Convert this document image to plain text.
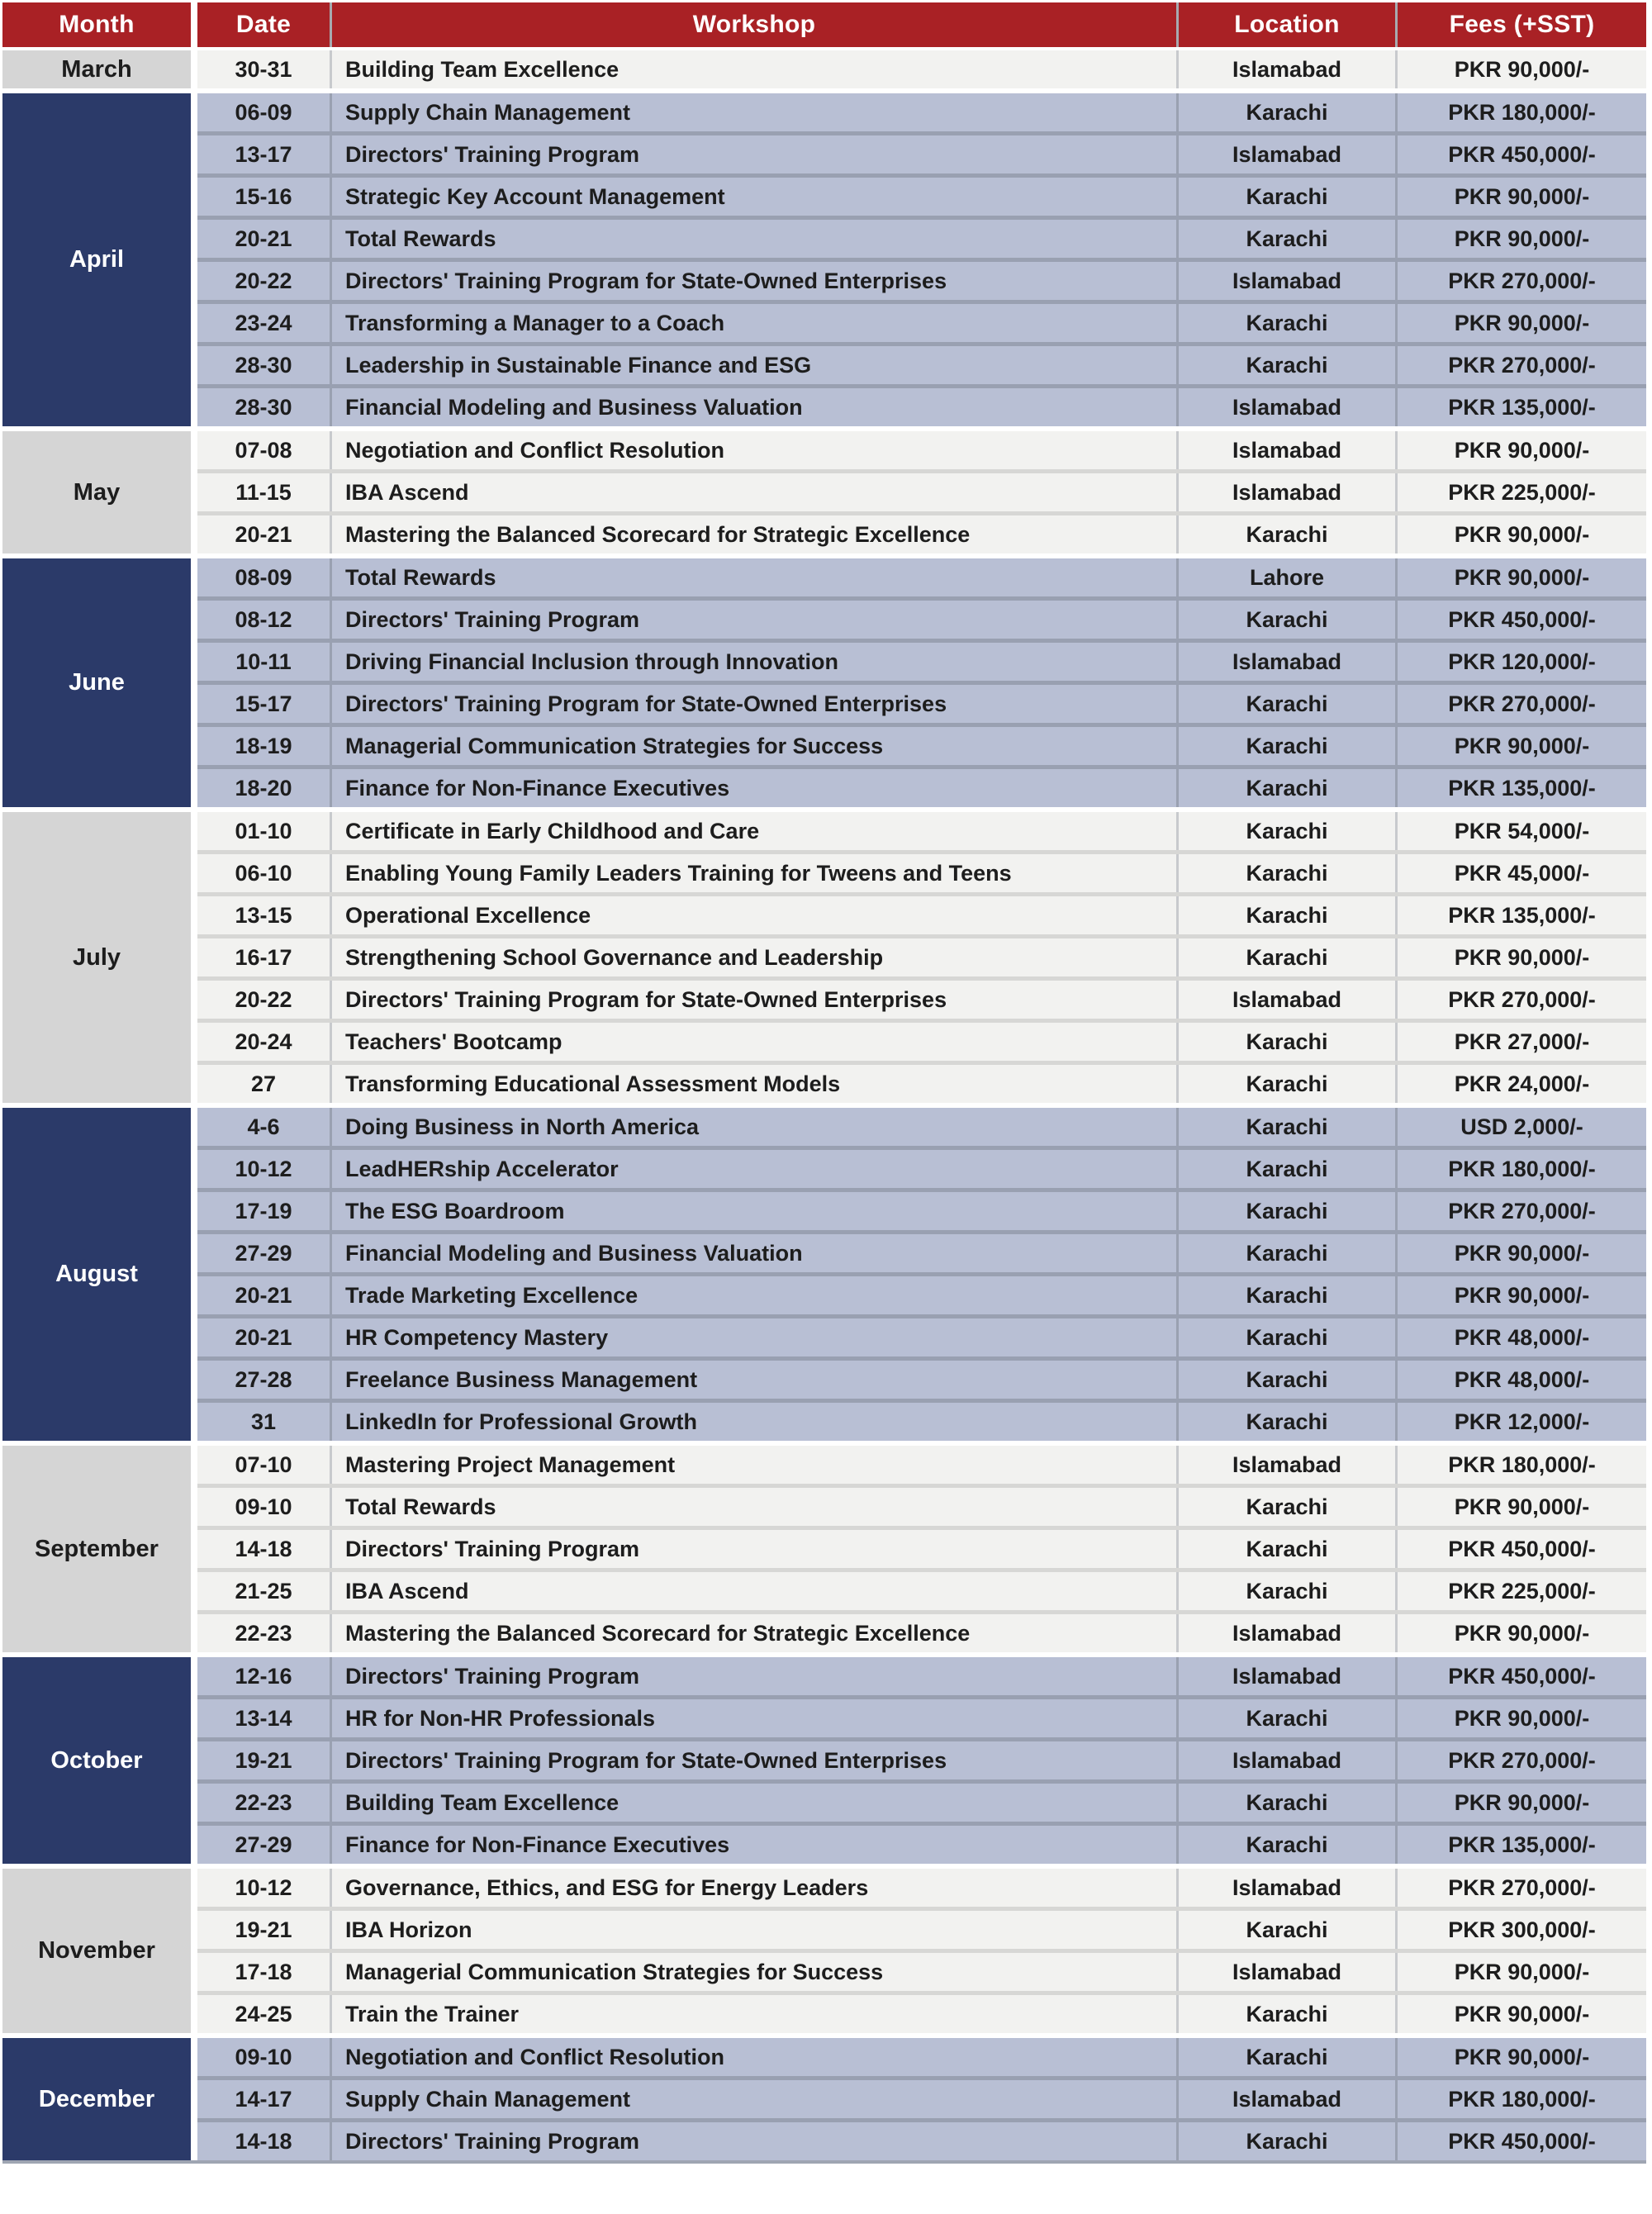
Month	Date	Workshop	Location	Fees (+SST)
March	30-31	Building Team Excellence	Islamabad	PKR 90,000/-
April
06-09	Supply Chain Management	Karachi	PKR 180,000/-
13-17	Directors' Training Program	Islamabad	PKR 450,000/-
15-16	Strategic Key Account Management	Karachi	PKR 90,000/-
20-21	Total Rewards	Karachi	PKR 90,000/-
20-22	Directors' Training Program for State-Owned Enterprises	Islamabad	PKR 270,000/-
23-24	Transforming a Manager to a Coach	Karachi	PKR 90,000/-
28-30	Leadership in Sustainable Finance and ESG	Karachi	PKR 270,000/-
28-30	Financial Modeling and Business Valuation	Islamabad	PKR 135,000/-
May
07-08	Negotiation and Conflict Resolution	Islamabad	PKR 90,000/-
11-15	IBA Ascend	Islamabad	PKR 225,000/-
20-21	Mastering the Balanced Scorecard for Strategic Excellence	Karachi	PKR 90,000/-
June
08-09	Total Rewards	Lahore	PKR 90,000/-
08-12	Directors' Training Program	Karachi	PKR 450,000/-
10-11	Driving Financial Inclusion through Innovation	Islamabad	PKR 120,000/-
15-17	Directors' Training Program for State-Owned Enterprises	Karachi	PKR 270,000/-
18-19	Managerial Communication Strategies for Success	Karachi	PKR 90,000/-
18-20	Finance for Non-Finance Executives	Karachi	PKR 135,000/-
July
01-10	Certificate in Early Childhood and Care	Karachi	PKR 54,000/-
06-10	Enabling Young Family Leaders Training for Tweens and Teens	Karachi	PKR 45,000/-
13-15	Operational Excellence	Karachi	PKR 135,000/-
16-17	Strengthening School Governance and Leadership	Karachi	PKR 90,000/-
20-22	Directors' Training Program for State-Owned Enterprises	Islamabad	PKR 270,000/-
20-24	Teachers' Bootcamp	Karachi	PKR 27,000/-
27	Transforming Educational Assessment Models	Karachi	PKR 24,000/-
August
4-6	Doing Business in North America	Karachi	USD 2,000/-
10-12	LeadHERship Accelerator	Karachi	PKR 180,000/-
17-19	The ESG Boardroom	Karachi	PKR 270,000/-
27-29	Financial Modeling and Business Valuation	Karachi	PKR 90,000/-
20-21	Trade Marketing Excellence	Karachi	PKR 90,000/-
20-21	HR Competency Mastery	Karachi	PKR 48,000/-
27-28	Freelance Business Management	Karachi	PKR 48,000/-
31	LinkedIn for Professional Growth	Karachi	PKR 12,000/-
September
07-10	Mastering Project Management	Islamabad	PKR 180,000/-
09-10	Total Rewards	Karachi	PKR 90,000/-
14-18	Directors' Training Program	Karachi	PKR 450,000/-
21-25	IBA Ascend	Karachi	PKR 225,000/-
22-23	Mastering the Balanced Scorecard for Strategic Excellence	Islamabad	PKR 90,000/-
October
12-16	Directors' Training Program	Islamabad	PKR 450,000/-
13-14	HR for Non-HR Professionals	Karachi	PKR 90,000/-
19-21	Directors' Training Program for State-Owned Enterprises	Islamabad	PKR 270,000/-
22-23	Building Team Excellence	Karachi	PKR 90,000/-
27-29	Finance for Non-Finance Executives	Karachi	PKR 135,000/-
November
10-12	Governance, Ethics, and ESG for Energy Leaders	Islamabad	PKR 270,000/-
19-21	IBA Horizon	Karachi	PKR 300,000/-
17-18	Managerial Communication Strategies for Success	Islamabad	PKR 90,000/-
24-25	Train the Trainer	Karachi	PKR 90,000/-
December
09-10	Negotiation and Conflict Resolution	Karachi	PKR 90,000/-
14-17	Supply Chain Management	Islamabad	PKR 180,000/-
14-18	Directors' Training Program	Karachi	PKR 450,000/-
